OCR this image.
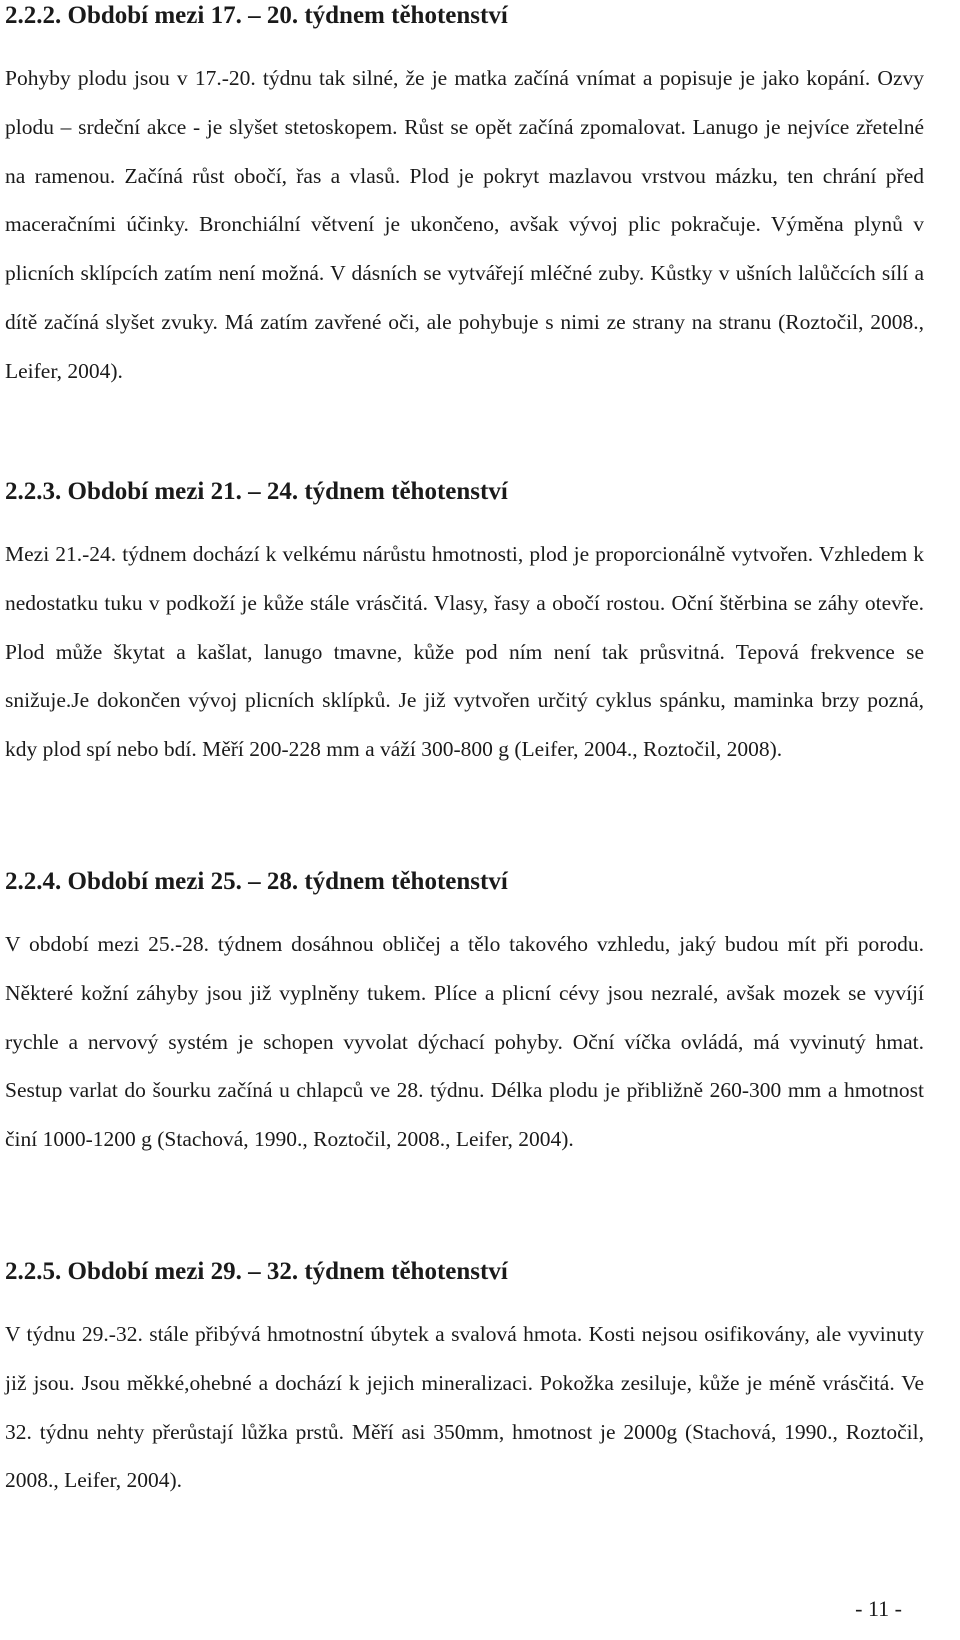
2.2.2. Období mezi 17. – 20. týdnem těhotenství

Pohyby plodu jsou v 17.-20. týdnu tak silné, že je matka začíná vnímat a popisuje je jako kopání. Ozvy plodu – srdeční akce - je slyšet stetoskopem. Růst se opět začíná zpomalovat. Lanugo je nejvíce zřetelné na ramenou. Začíná růst obočí, řas a vlasů. Plod je pokryt mazlavou vrstvou mázku, ten chrání před maceračními účinky. Bronchiální větvení je ukončeno, avšak vývoj plic pokračuje. Výměna plynů v plicních sklípcích zatím není možná. V dásních se vytvářejí mléčné zuby. Kůstky v ušních lalůčcích sílí a dítě začíná slyšet zvuky. Má zatím zavřené oči, ale pohybuje s nimi ze strany na stranu (Roztočil, 2008., Leifer, 2004).

2.2.3. Období mezi 21. – 24. týdnem těhotenství

Mezi 21.-24. týdnem dochází k velkému nárůstu hmotnosti, plod je proporcionálně vytvořen. Vzhledem k nedostatku tuku v podkoží je kůže stále vrásčitá. Vlasy, řasy a obočí rostou. Oční štěrbina se záhy otevře. Plod může škytat a kašlat, lanugo tmavne, kůže pod ním není tak průsvitná. Tepová frekvence se snižuje.Je dokončen vývoj plicních sklípků. Je již vytvořen určitý cyklus spánku, maminka brzy pozná, kdy plod spí nebo bdí. Měří 200-228 mm a váží 300-800 g (Leifer, 2004., Roztočil, 2008).

2.2.4. Období mezi 25. – 28. týdnem těhotenství

V období mezi 25.-28. týdnem dosáhnou obličej a tělo takového vzhledu, jaký budou mít při porodu. Některé kožní záhyby jsou již vyplněny tukem. Plíce a plicní cévy jsou nezralé, avšak mozek se vyvíjí rychle a nervový systém je schopen vyvolat dýchací pohyby. Oční víčka ovládá, má vyvinutý hmat. Sestup varlat do šourku začíná u chlapců ve 28. týdnu. Délka plodu je přibližně 260-300 mm a hmotnost činí 1000-1200 g (Stachová, 1990., Roztočil, 2008., Leifer, 2004).

2.2.5. Období mezi 29. – 32. týdnem těhotenství

V týdnu 29.-32. stále přibývá hmotnostní úbytek a svalová hmota. Kosti nejsou osifikovány, ale vyvinuty již jsou. Jsou měkké,ohebné a dochází k jejich mineralizaci. Pokožka zesiluje, kůže je méně vrásčitá. Ve 32. týdnu nehty přerůstají lůžka prstů. Měří asi 350mm, hmotnost je 2000g (Stachová, 1990., Roztočil, 2008., Leifer, 2004).

- 11 -
